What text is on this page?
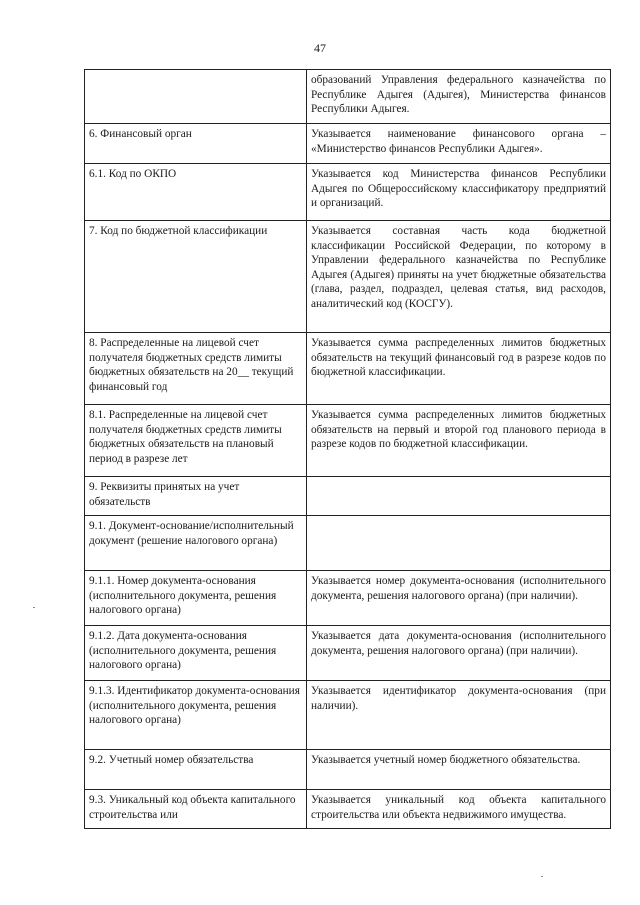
47
	образований Управления федерального казначейства по Республике Адыгея (Адыгея), Министерства финансов Республики Адыгея.
6. Финансовый орган	Указывается наименование финансового органа – «Министерство финансов Республики Адыгея».
6.1. Код по ОКПО	Указывается код Министерства финансов Республики Адыгея по Общероссийскому классификатору предприятий и организаций.
7. Код по бюджетной классификации	Указывается составная часть кода бюджетной классификации Российской Федерации, по которому в Управлении федерального казначейства по Республике Адыгея (Адыгея) приняты на учет бюджетные обязательства (глава, раздел, подраздел, целевая статья, вид расходов, аналитический код (КОСГУ).
8. Распределенные на лицевой счет получателя бюджетных средств лимиты бюджетных обязательств на 20__ текущий финансовый год	Указывается сумма распределенных лимитов бюджетных обязательств на текущий финансовый год в разрезе кодов по бюджетной классификации.
8.1. Распределенные на лицевой счет получателя бюджетных средств лимиты бюджетных обязательств на плановый период в разрезе лет	Указывается сумма распределенных лимитов бюджетных обязательств на первый и второй год планового периода в разрезе кодов по бюджетной классификации.
9. Реквизиты принятых на учет обязательств	
9.1. Документ-основание/исполнительный документ (решение налогового органа)	
9.1.1. Номер документа-основания (исполнительного документа, решения налогового органа)	Указывается номер документа-основания (исполнительного документа, решения налогового органа) (при наличии).
9.1.2. Дата документа-основания (исполнительного документа, решения налогового органа)	Указывается дата документа-основания (исполнительного документа, решения налогового органа) (при наличии).
9.1.3. Идентификатор документа-основания (исполнительного документа, решения налогового органа)	Указывается идентификатор документа-основания (при наличии).
9.2. Учетный номер обязательства	Указывается учетный номер бюджетного обязательства.
9.3. Уникальный код объекта капитального строительства или	Указывается уникальный код объекта капитального строительства или объекта недвижимого имущества.
